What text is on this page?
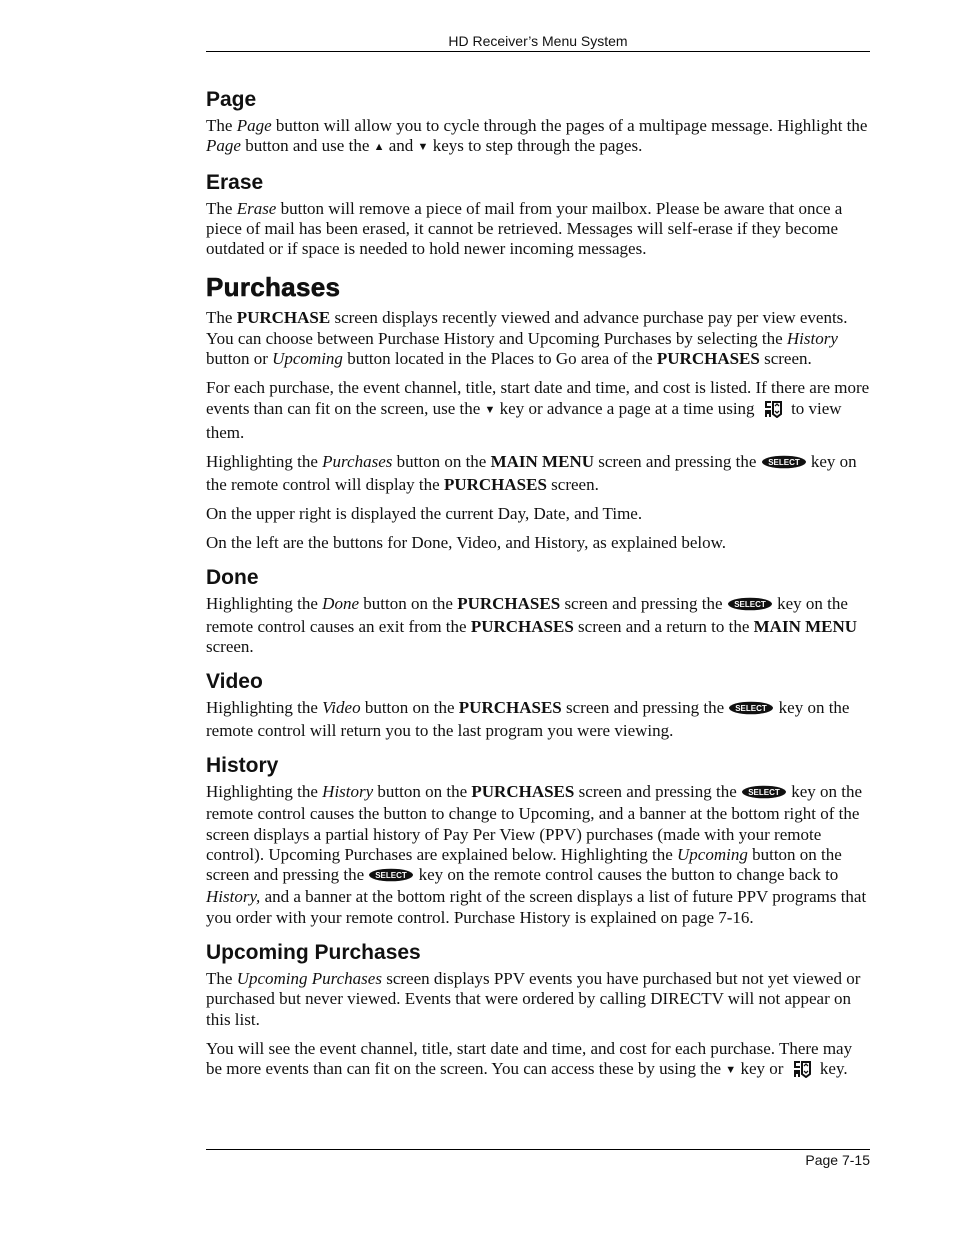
HD Receiver’s Menu System
Page

The Page button will allow you to cycle through the pages of a multipage message. Highlight the Page button and use the ▲ and ▼ keys to step through the pages.

Erase

The Erase button will remove a piece of mail from your mailbox. Please be aware that once a piece of mail has been erased, it cannot be retrieved. Messages will self-erase if they become outdated or if space is needed to hold newer incoming messages.

Purchases

The PURCHASE screen displays recently viewed and advance purchase pay per view events. You can choose between Purchase History and Upcoming Purchases by selecting the History button or Upcoming button located in the Places to Go area of the PURCHASES screen.

For each purchase, the event channel, title, start date and time, and cost is listed. If there are more events than can fit on the screen, use the ▼ key or advance a page at a time using  to view them.

Highlighting the Purchases button on the MAIN MENU screen and pressing the SELECT key on the remote control will display the PURCHASES screen.

On the upper right is displayed the current Day, Date, and Time.

On the left are the buttons for Done, Video, and History, as explained below.

Done

Highlighting the Done button on the PURCHASES screen and pressing the SELECT key on the remote control causes an exit from the PURCHASES screen and a return to the MAIN MENU screen.

Video

Highlighting the Video button on the PURCHASES screen and pressing the SELECT key on the remote control will return you to the last program you were viewing.

History

Highlighting the History button on the PURCHASES screen and pressing the SELECT key on the remote control causes the button to change to Upcoming, and a banner at the bottom right of the screen displays a partial history of Pay Per View (PPV) purchases (made with your remote control). Upcoming Purchases are explained below. Highlighting the Upcoming button on the screen and pressing the SELECT key on the remote control causes the button to change back to History, and a banner at the bottom right of the screen displays a list of future PPV programs that you order with your remote control. Purchase History is explained on page 7-16.

Upcoming Purchases

The Upcoming Purchases screen displays PPV events you have purchased but not yet viewed or purchased but never viewed. Events that were ordered by calling DIRECTV will not appear on this list.

You will see the event channel, title, start date and time, and cost for each purchase. There may be more events than can fit on the screen. You can access these by using the ▼ key or  key.

Page 7-15
